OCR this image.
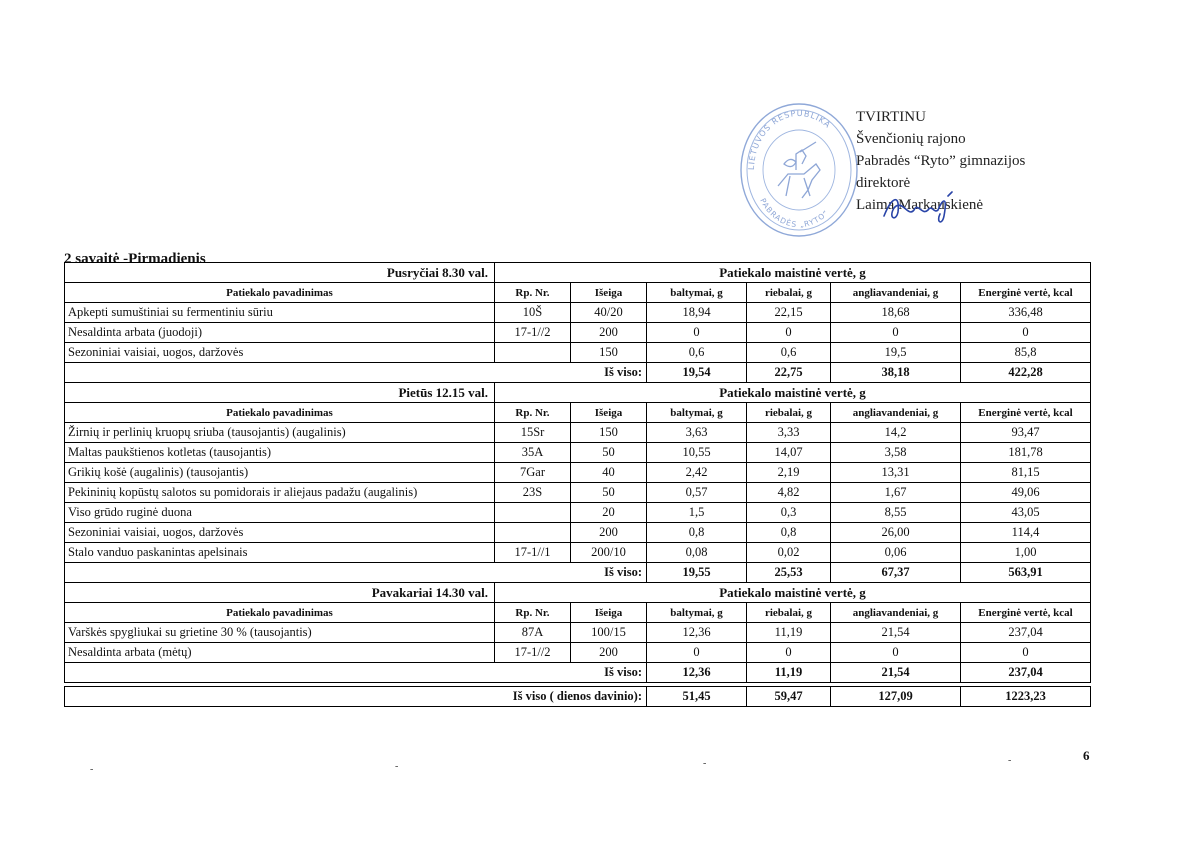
LIETUVOS RESPUBLIKA
PABRADĖS „RYTO“
TVIRTINU
Švenčionių rajono
Pabradės “Ryto” gimnazijos
direktorė
Laima Markauskienė
2 savaitė -Pirmadienis
Pusryčiai 8.30 val.	Patiekalo maistinė vertė, g					
Patiekalo pavadinimas	Rp. Nr.	Išeiga	baltymai, g	riebalai, g	angliavandeniai, g	Energinė vertė, kcal
Apkepti sumuštiniai su fermentiniu sūriu	10Š	40/20	18,94	22,15	18,68	336,48
Nesaldinta arbata (juodoji)	17-1//2	200	0	0	0	0
Sezoniniai vaisiai, uogos, daržovės		150	0,6	0,6	19,5	85,8
Iš viso:			19,54	22,75	38,18	422,28
Pietūs 12.15 val.	Patiekalo maistinė vertė, g					
Patiekalo pavadinimas	Rp. Nr.	Išeiga	baltymai, g	riebalai, g	angliavandeniai, g	Energinė vertė, kcal
Žirnių ir perlinių kruopų sriuba (tausojantis) (augalinis)	15Sr	150	3,63	3,33	14,2	93,47
Maltas paukštienos kotletas (tausojantis)	35A	50	10,55	14,07	3,58	181,78
Grikių košė (augalinis) (tausojantis)	7Gar	40	2,42	2,19	13,31	81,15
Pekininių kopūstų salotos su pomidorais ir aliejaus padažu (augalinis)	23S	50	0,57	4,82	1,67	49,06
Viso grūdo ruginė duona		20	1,5	0,3	8,55	43,05
Sezoniniai vaisiai, uogos, daržovės		200	0,8	0,8	26,00	114,4
Stalo vanduo paskanintas apelsinais	17-1//1	200/10	0,08	0,02	0,06	1,00
Iš viso:			19,55	25,53	67,37	563,91
Pavakariai 14.30 val.	Patiekalo maistinė vertė, g					
Patiekalo pavadinimas	Rp. Nr.	Išeiga	baltymai, g	riebalai, g	angliavandeniai, g	Energinė vertė, kcal
Varškės spygliukai su grietine 30 % (tausojantis)	87A	100/15	12,36	11,19	21,54	237,04
Nesaldinta arbata (mėtų)	17-1//2	200	0	0	0	0
Iš viso:			12,36	11,19	21,54	237,04

Iš viso ( dienos davinio):			51,45	59,47	127,09	1223,23
6
-	-	-	-
